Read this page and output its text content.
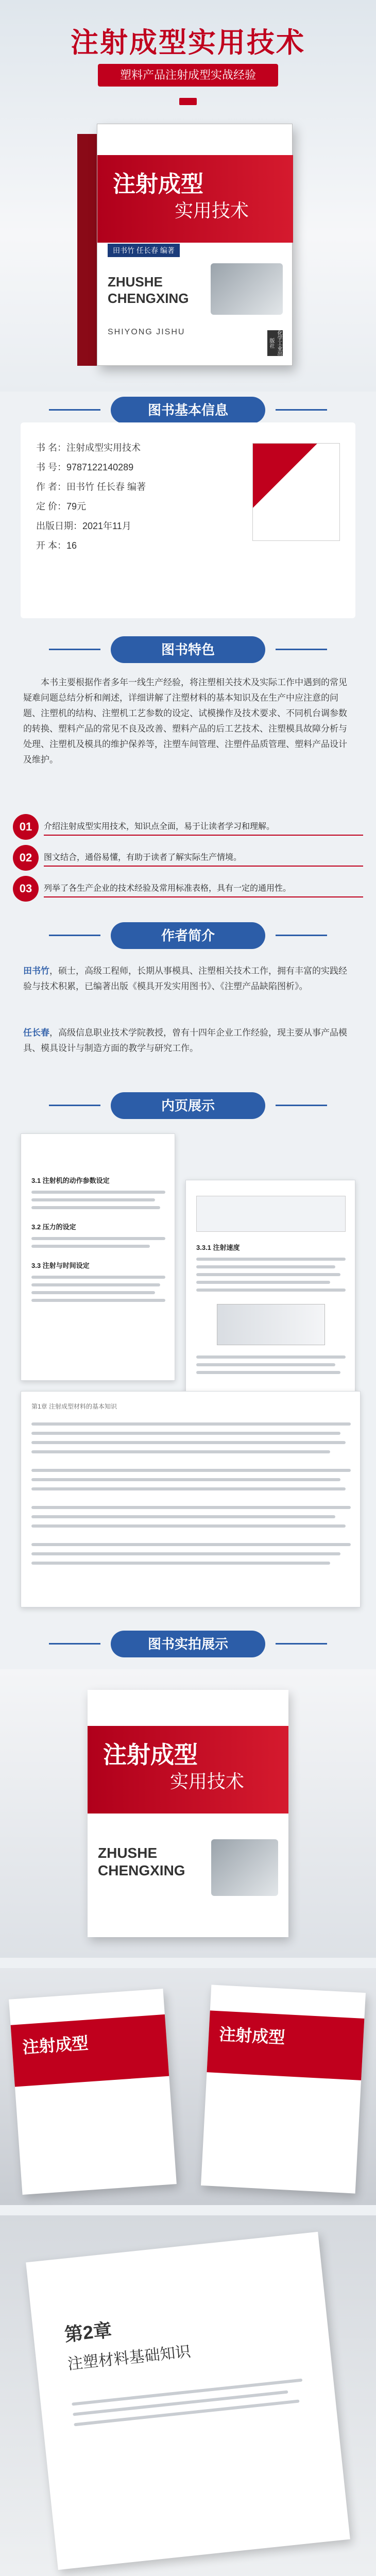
注射成型实用技术
塑料产品注射成型实战经验
注射成型
实用技术
田书竹 任长春 编著
ZHUSHE
CHENGXING
SHIYONG JISHU	化学工业出版社
图书基本信息
书 名：注射成型实用技术
书 号：9787122140289
作 者：田书竹 任长春 编著
定 价：79元
出版日期：2021年11月
开 本：16
图书特色
本书主要根据作者多年一线生产经验，将注塑相关技术及实际工作中遇到的常见疑难问题总结分析和阐述，详细讲解了注塑材料的基本知识及在生产中应注意的问题、注塑机的结构、注塑机工艺参数的设定、试模操作及技术要求、不同机台调参数的转换、塑料产品的常见不良及改善、塑料产品的后工艺技术、注塑模具故障分析与处理、注塑机及模具的维护保养等，注塑车间管理、注塑件品质管理、塑料产品设计及维护。
01	介绍注射成型实用技术，知识点全面，易于让读者学习和理解。
02	图文结合，通俗易懂，有助于读者了解实际生产情境。
03	列举了各生产企业的技术经验及常用标准表格，具有一定的通用性。
作者简介
田书竹，硕士，高级工程师，长期从事模具、注塑相关技术工作，拥有丰富的实践经验与技术积累，已编著出版《模具开发实用图书》、《注塑产品缺陷图析》。
任长春，高级信息职业技术学院教授，曾有十四年企业工作经验，现主要从事产品模具、模具设计与制造方面的教学与研究工作。
内页展示
3.1 注射机的动作参数设定
3.2 压力的设定
3.3 注射与时间设定
3.3.1 注射速度
第1章 注射成型材料的基本知识
图书实拍展示
注射成型
实用技术
ZHUSHE
CHENGXING
注射成型	注射成型
第2章
注塑材料基础知识
